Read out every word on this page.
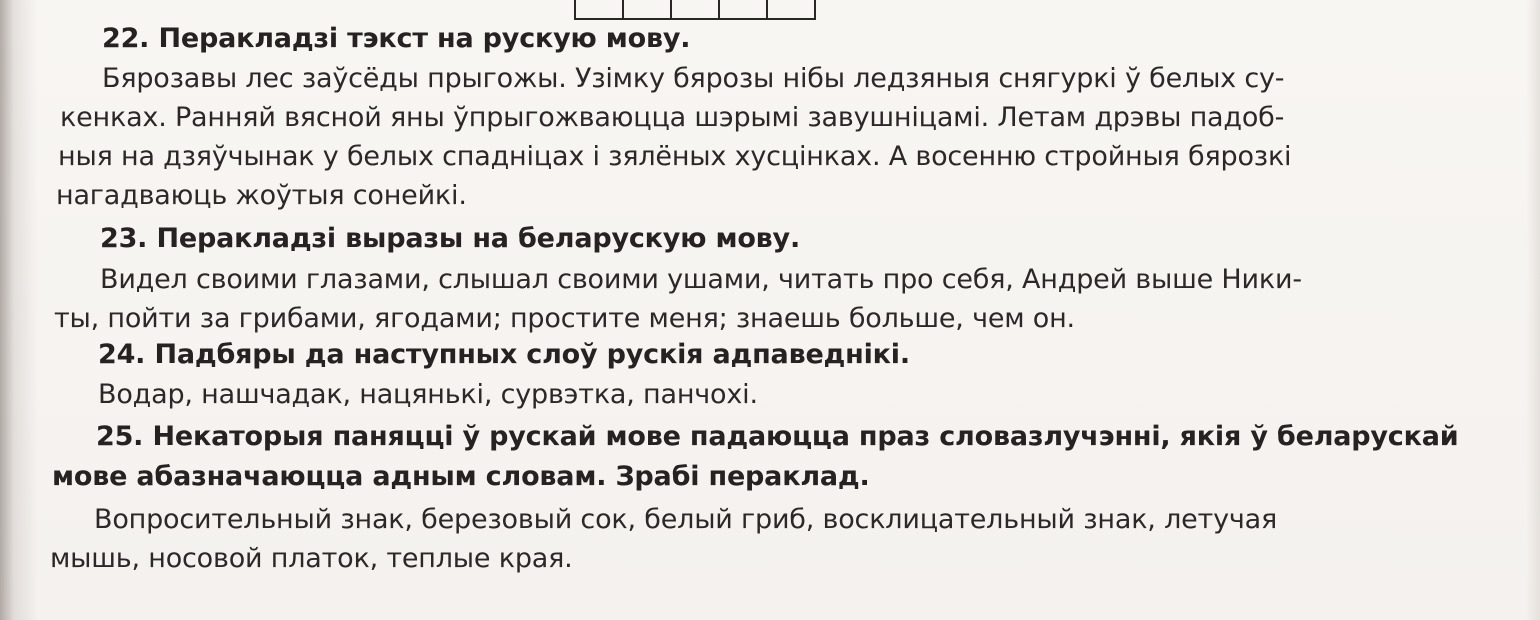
22. Перакладзі тэкст на рускую мову.
Бярозавы лес заўсёды прыгожы. Узімку бярозы нібы ледзяныя снягуркі ў белых су-
кенках. Ранняй вясной яны ўпрыгожваюцца шэрымі завушніцамі. Летам дрэвы падоб-
ныя на дзяўчынак у белых спадніцах і зялёных хусцінках. А восенню стройныя бярозкі
нагадваюць жоўтыя сонейкі.
23. Перакладзі выразы на беларускую мову.
Видел своими глазами, слышал своими ушами, читать про себя, Андрей выше Ники-
ты, пойти за грибами, ягодами; простите меня; знаешь больше, чем он.
24. Падбяры да наступных слоў рускія адпаведнікі.
Водар, нашчадак, нацянькі, сурвэтка, панчохі.
25. Некаторыя паняцці ў рускай мове падаюцца праз словазлучэнні, якія ў беларускай
мове абазначаюцца адным словам. Зрабі пераклад.
Вопросительный знак, березовый сок, белый гриб, восклицательный знак, летучая
мышь, носовой платок, теплые края.
